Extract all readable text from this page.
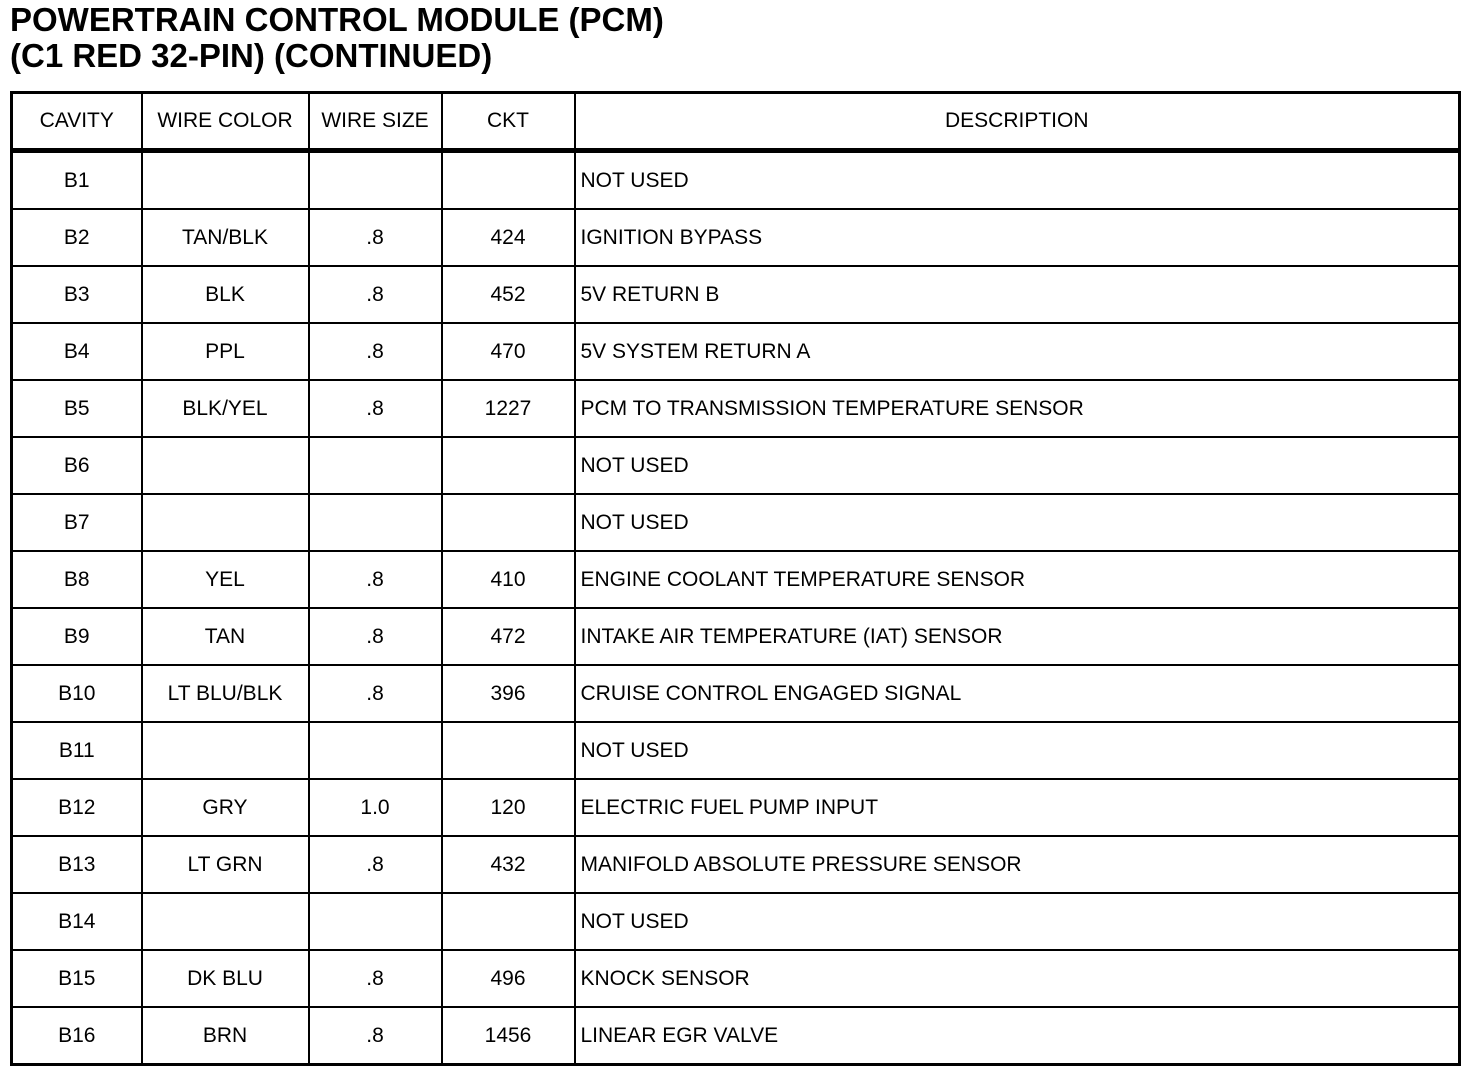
POWERTRAIN CONTROL MODULE (PCM)
(C1 RED 32-PIN) (CONTINUED)
CAVITY	WIRE COLOR	WIRE SIZE	CKT	DESCRIPTION
B1				NOT USED
B2	TAN/BLK	.8	424	IGNITION BYPASS
B3	BLK	.8	452	5V RETURN B
B4	PPL	.8	470	5V SYSTEM RETURN A
B5	BLK/YEL	.8	1227	PCM TO TRANSMISSION TEMPERATURE SENSOR
B6				NOT USED
B7				NOT USED
B8	YEL	.8	410	ENGINE COOLANT TEMPERATURE SENSOR
B9	TAN	.8	472	INTAKE AIR TEMPERATURE (IAT) SENSOR
B10	LT BLU/BLK	.8	396	CRUISE CONTROL ENGAGED SIGNAL
B11				NOT USED
B12	GRY	1.0	120	ELECTRIC FUEL PUMP INPUT
B13	LT GRN	.8	432	MANIFOLD ABSOLUTE PRESSURE SENSOR
B14				NOT USED
B15	DK BLU	.8	496	KNOCK SENSOR
B16	BRN	.8	1456	LINEAR EGR VALVE
